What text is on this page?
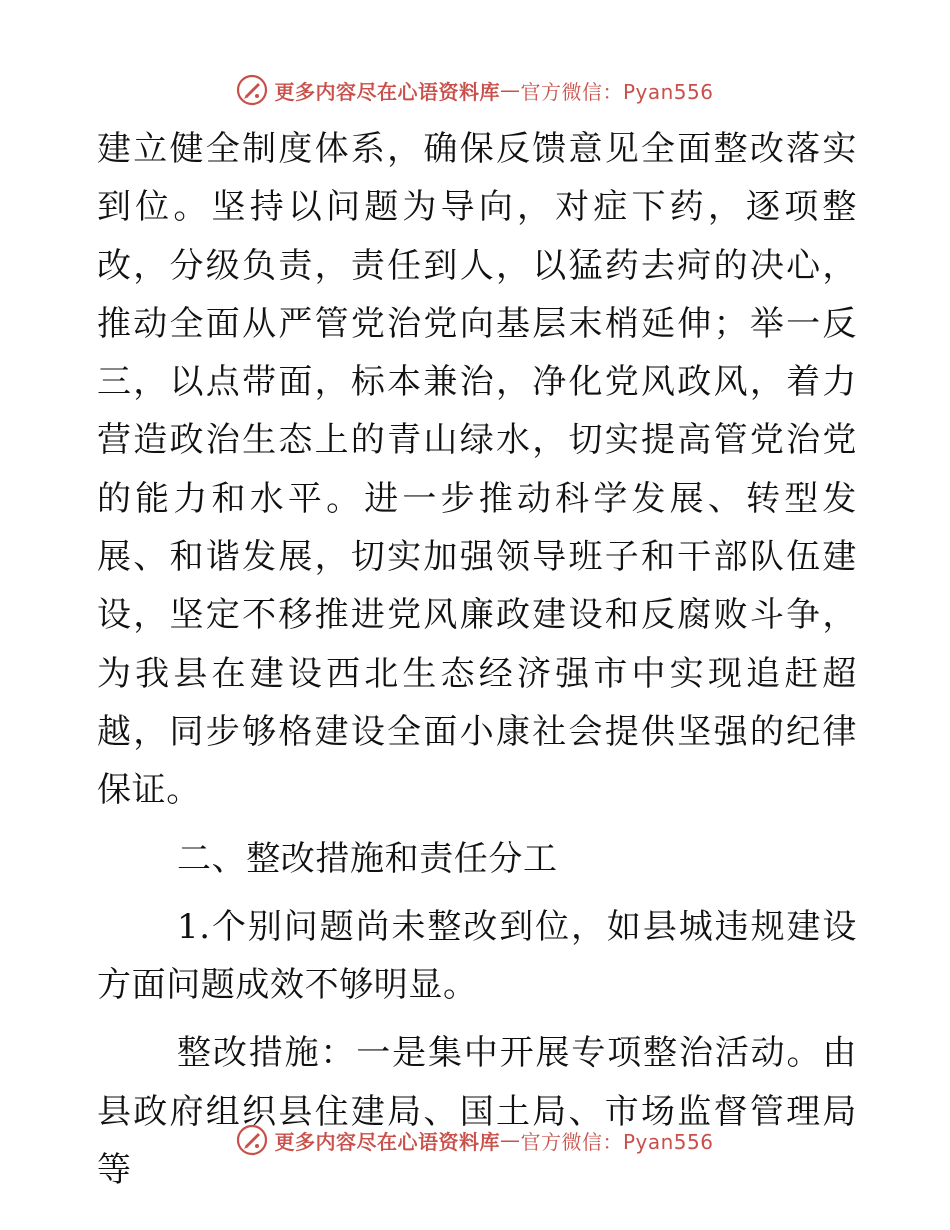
更多内容尽在心语资料库 — 官方微信：Pyan556

建立健全制度体系，确保反馈意见全面整改落实到位。坚持以问题为导向，对症下药，逐项整改，分级负责，责任到人，以猛药去疴的决心，推动全面从严管党治党向基层末梢延伸；举一反三，以点带面，标本兼治，净化党风政风，着力营造政治生态上的青山绿水，切实提高管党治党的能力和水平。进一步推动科学发展、转型发展、和谐发展，切实加强领导班子和干部队伍建设，坚定不移推进党风廉政建设和反腐败斗争，为我县在建设西北生态经济强市中实现追赶超越，同步够格建设全面小康社会提供坚强的纪律保证。

二、整改措施和责任分工

1.个别问题尚未整改到位，如县城违规建设方面问题成效不够明显。

整改措施：一是集中开展专项整治活动。由县政府组织县住建局、国土局、市场监督管理局等

更多内容尽在心语资料库 — 官方微信：Pyan556
